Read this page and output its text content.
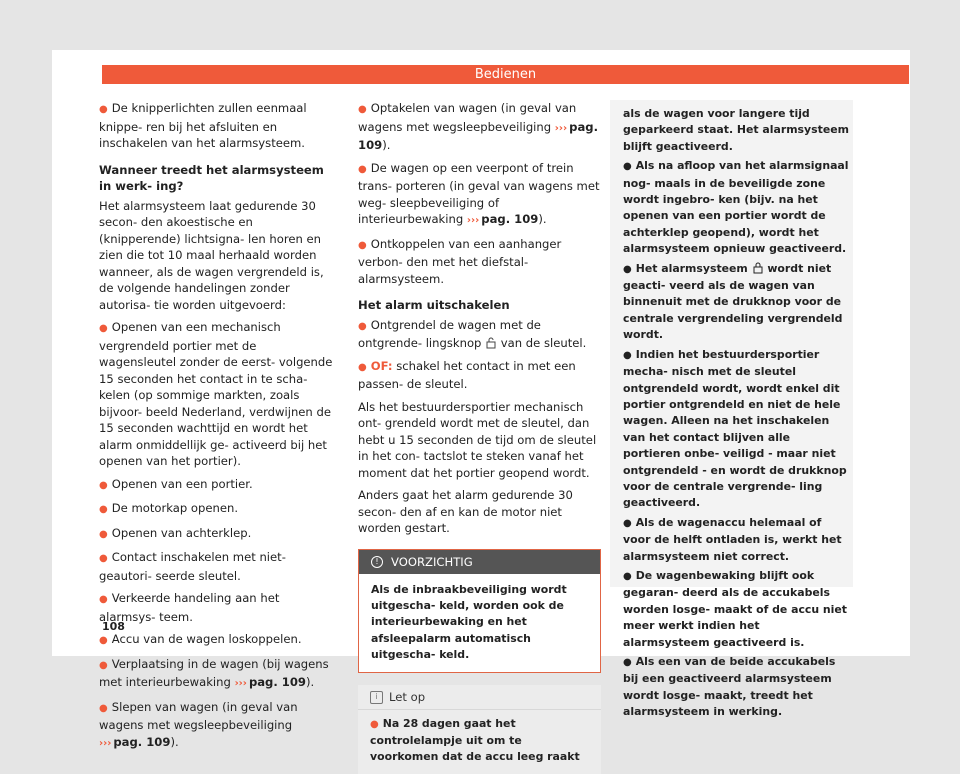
Bedienen

● De knipperlichten zullen eenmaal knippe- ren bij het afsluiten en inschakelen van het alarmsysteem.

Wanneer treedt het alarmsysteem in werk- ing?

Het alarmsysteem laat gedurende 30 secon- den akoestische en (knipperende) lichtsigna- len horen en zien die tot 10 maal herhaald worden wanneer, als de wagen vergrendeld is, de volgende handelingen zonder autorisa- tie worden uitgevoerd:

● Openen van een mechanisch vergrendeld portier met de wagensleutel zonder de eerst- volgende 15 seconden het contact in te scha- kelen (op sommige markten, zoals bijvoor- beeld Nederland, verdwijnen de 15 seconden wachttijd en wordt het alarm onmiddellijk ge- activeerd bij het openen van het portier).

● Openen van een portier.

● De motorkap openen.

● Openen van achterklep.

● Contact inschakelen met niet-geautori- seerde sleutel.

● Verkeerde handeling aan het alarmsys- teem.

● Accu van de wagen loskoppelen.

● Verplaatsing in de wagen (bij wagens met interieurbewaking ››› pag. 109).

● Slepen van wagen (in geval van wagens met wegsleepbeveiliging ››› pag. 109).

● Optakelen van wagen (in geval van wagens met wegsleepbeveiliging ››› pag. 109).

● De wagen op een veerpont of trein trans- porteren (in geval van wagens met weg- sleepbeveiliging of interieurbewaking ››› pag. 109).

● Ontkoppelen van een aanhanger verbon- den met het diefstal-alarmsysteem.

Het alarm uitschakelen

● Ontgrendel de wagen met de ontgrende- lingsknop van de sleutel.

● OF: schakel het contact in met een passen- de sleutel.

Als het bestuurdersportier mechanisch ont- grendeld wordt met de sleutel, dan hebt u 15 seconden de tijd om de sleutel in het con- tactslot te steken vanaf het moment dat het portier geopend wordt.

Anders gaat het alarm gedurende 30 secon- den af en kan de motor niet worden gestart.

! VOORZICHTIG
Als de inbraakbeveiliging wordt uitgescha- keld, worden ook de interieurbewaking en het afsleepalarm automatisch uitgescha- keld.
i Let op
● Na 28 dagen gaat het controlelampje uit om te voorkomen dat de accu leeg raakt

als de wagen voor langere tijd geparkeerd staat. Het alarmsysteem blijft geactiveerd.

● Als na afloop van het alarmsignaal nog- maals in de beveiligde zone wordt ingebro- ken (bijv. na het openen van een portier wordt de achterklep geopend), wordt het alarmsysteem opnieuw geactiveerd.

● Het alarmsysteem wordt niet geacti- veerd als de wagen van binnenuit met de drukknop voor de centrale vergrendeling vergrendeld wordt.

● Indien het bestuurdersportier mecha- nisch met de sleutel ontgrendeld wordt, wordt enkel dit portier ontgrendeld en niet de hele wagen. Alleen na het inschakelen van het contact blijven alle portieren onbe- veiligd - maar niet ontgrendeld - en wordt de drukknop voor de centrale vergrende- ling geactiveerd.

● Als de wagenaccu helemaal of voor de helft ontladen is, werkt het alarmsysteem niet correct.

● De wagenbewaking blijft ook gegaran- deerd als de accukabels worden losge- maakt of de accu niet meer werkt indien het alarmsysteem geactiveerd is.

● Als een van de beide accukabels bij een geactiveerd alarmsysteem wordt losge- maakt, treedt het alarmsysteem in werking.

108
